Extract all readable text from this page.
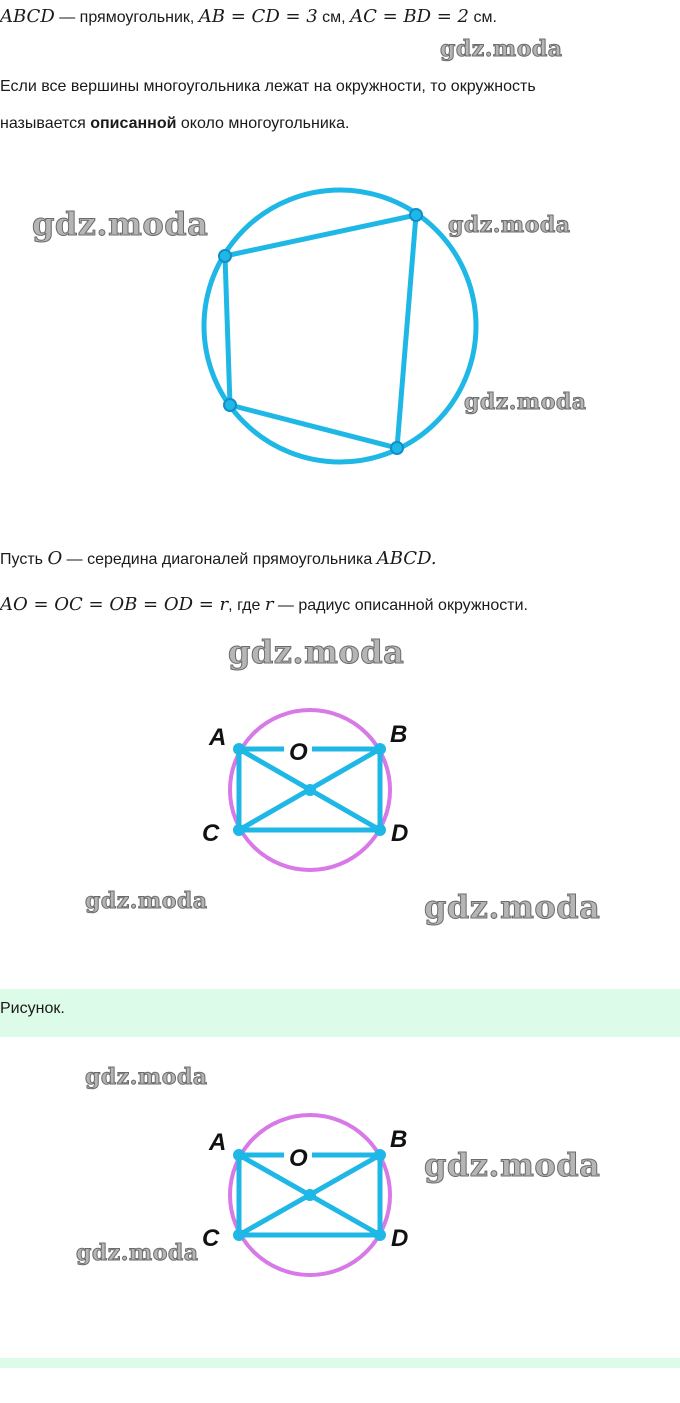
ABCD — прямоугольник, AB = CD = 3 см, AC = BD = 2 см.
gdz.moda
Если все вершины многоугольника лежат на окружности, то окружность
называется описанной около многоугольника.
gdz.moda	gdz.moda
gdz.moda
Пусть O — середина диагоналей прямоугольника ABCD.
AO = OC = OB = OD = r, где r — радиус описанной окружности.
gdz.moda
A	B
C	D
O
gdz.moda	gdz.moda
Рисунок.
gdz.moda
A	B
C	D
O	gdz.moda
gdz.moda
